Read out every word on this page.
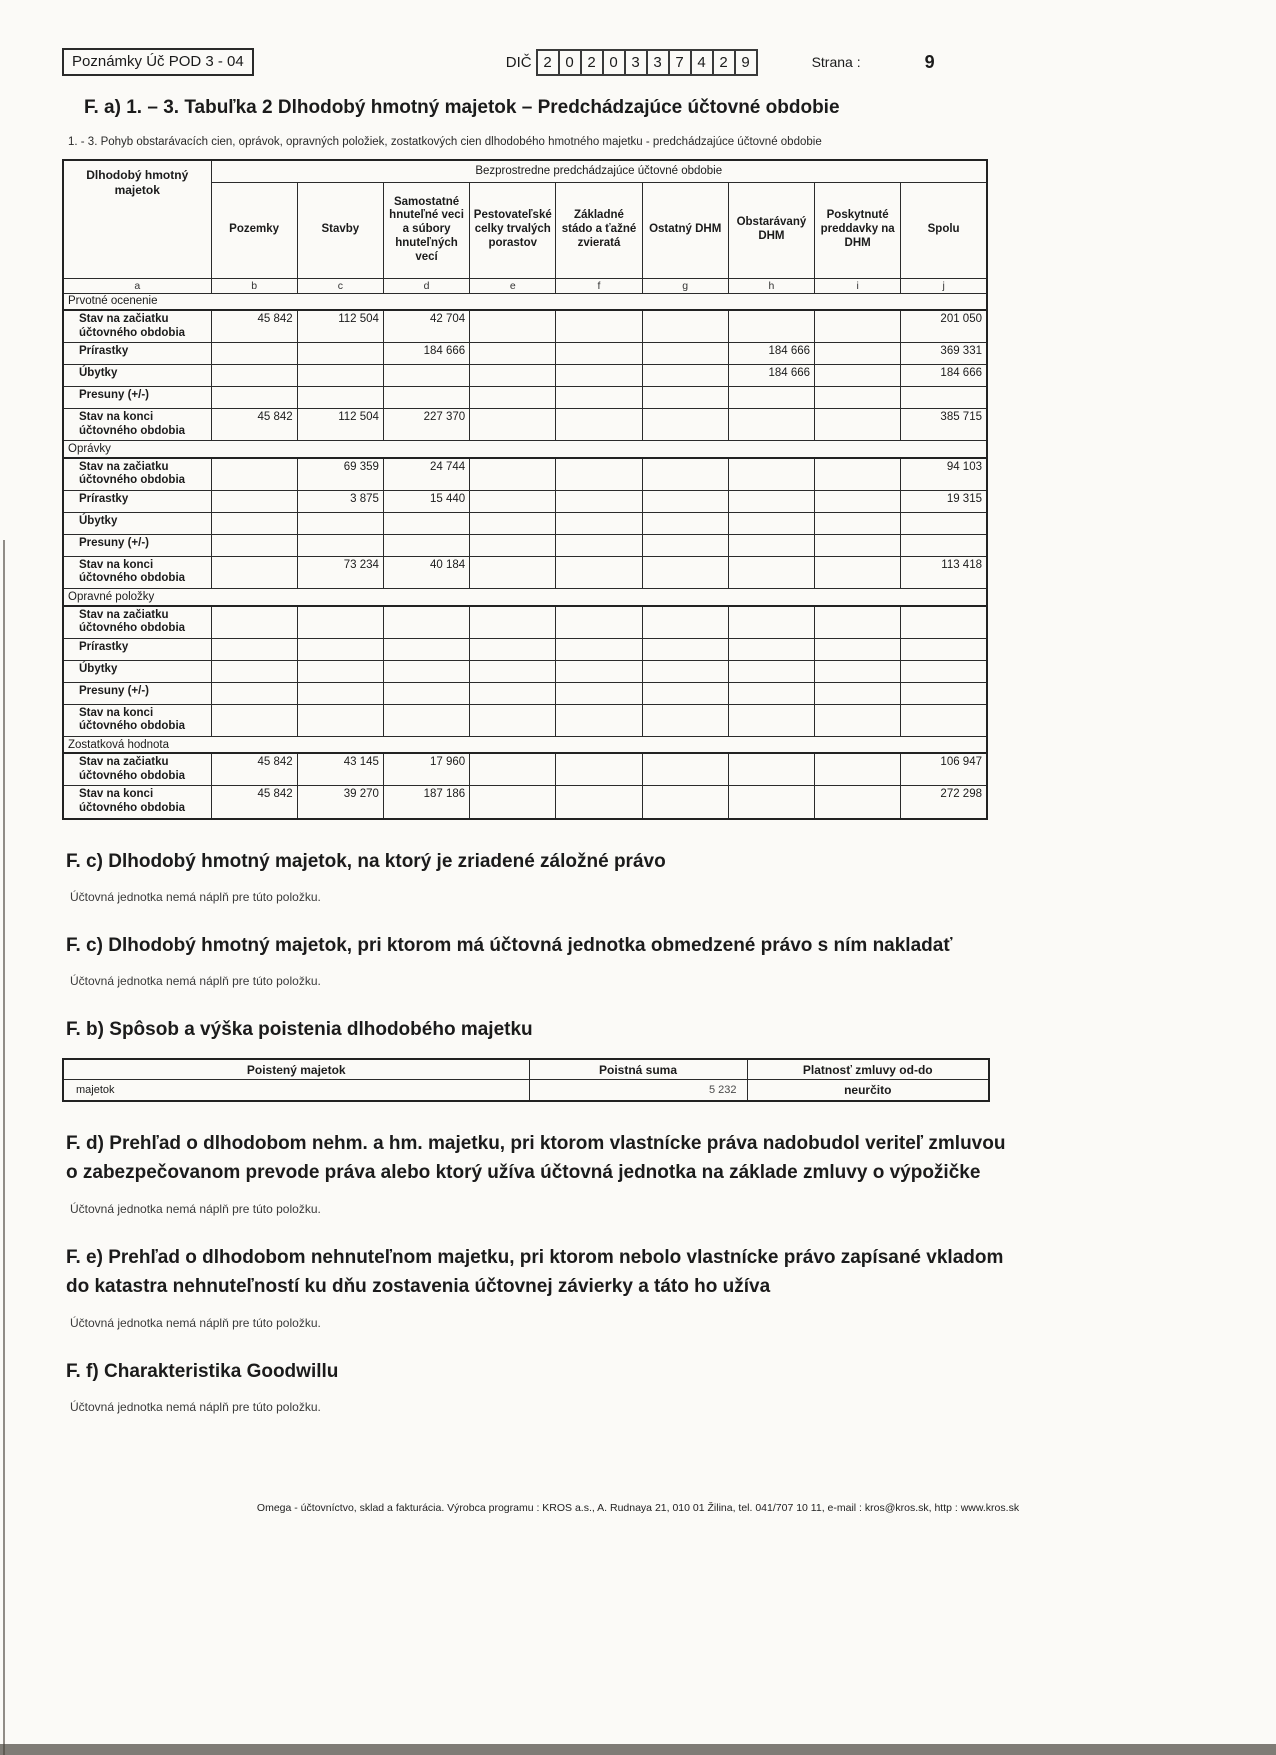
Poznámky Úč POD 3 - 04	DIČ 2 0 2 0 3 3 7 4 2 9	Strana :	9
F. a) 1. – 3. Tabuľka 2 Dlhodobý hmotný majetok – Predchádzajúce účtovné obdobie
1. - 3. Pohyb obstarávacích cien, oprávok, opravných položiek, zostatkových cien dlhodobého hmotného majetku - predchádzajúce účtovné obdobie
Dlhodobý hmotný majetok	Bezprostredne predchádzajúce účtovné obdobie								
	Pozemky	Stavby	Samostatné hnuteľné veci a súbory hnuteľných vecí	Pestovateľské celky trvalých porastov	Základné stádo a ťažné zvieratá	Ostatný DHM	Obstarávaný DHM	Poskytnuté preddavky na DHM	Spolu
a	b	c	d	e	f	g	h	i	j
Prvotné ocenenie									
Stav na začiatku účtovného obdobia	45 842	112 504	42 704						201 050
Prírastky			184 666				184 666		369 331
Úbytky							184 666		184 666
Presuny (+/-)									
Stav na konci účtovného obdobia	45 842	112 504	227 370						385 715
Oprávky									
Stav na začiatku účtovného obdobia		69 359	24 744						94 103
Prírastky		3 875	15 440						19 315
Úbytky									
Presuny (+/-)									
Stav na konci účtovného obdobia		73 234	40 184						113 418
Opravné položky									
Stav na začiatku účtovného obdobia									
Prírastky									
Úbytky									
Presuny (+/-)									
Stav na konci účtovného obdobia									
Zostatková hodnota									
Stav na začiatku účtovného obdobia	45 842	43 145	17 960						106 947
Stav na konci účtovného obdobia	45 842	39 270	187 186						272 298
F. c) Dlhodobý hmotný majetok, na ktorý je zriadené záložné právo
Účtovná jednotka nemá náplň pre túto položku.
F. c) Dlhodobý hmotný majetok, pri ktorom má účtovná jednotka obmedzené právo s ním nakladať
Účtovná jednotka nemá náplň pre túto položku.
F. b) Spôsob a výška poistenia dlhodobého majetku
Poistený majetok	Poistná suma	Platnosť zmluvy od-do
majetok	5 232	neurčito
F. d) Prehľad o dlhodobom nehm. a hm. majetku, pri ktorom vlastnícke práva nadobudol veriteľ zmluvou o zabezpečovanom prevode práva alebo ktorý užíva účtovná jednotka na základe zmluvy o výpožičke
Účtovná jednotka nemá náplň pre túto položku.
F. e) Prehľad o dlhodobom nehnuteľnom majetku, pri ktorom nebolo vlastnícke právo zapísané vkladom do katastra nehnuteľností ku dňu zostavenia účtovnej závierky a táto ho užíva
Účtovná jednotka nemá náplň pre túto položku.
F. f) Charakteristika Goodwillu
Účtovná jednotka nemá náplň pre túto položku.
Omega - účtovníctvo, sklad a fakturácia. Výrobca programu : KROS a.s., A. Rudnaya 21, 010 01 Žilina, tel. 041/707 10 11, e-mail : kros@kros.sk, http : www.kros.sk
